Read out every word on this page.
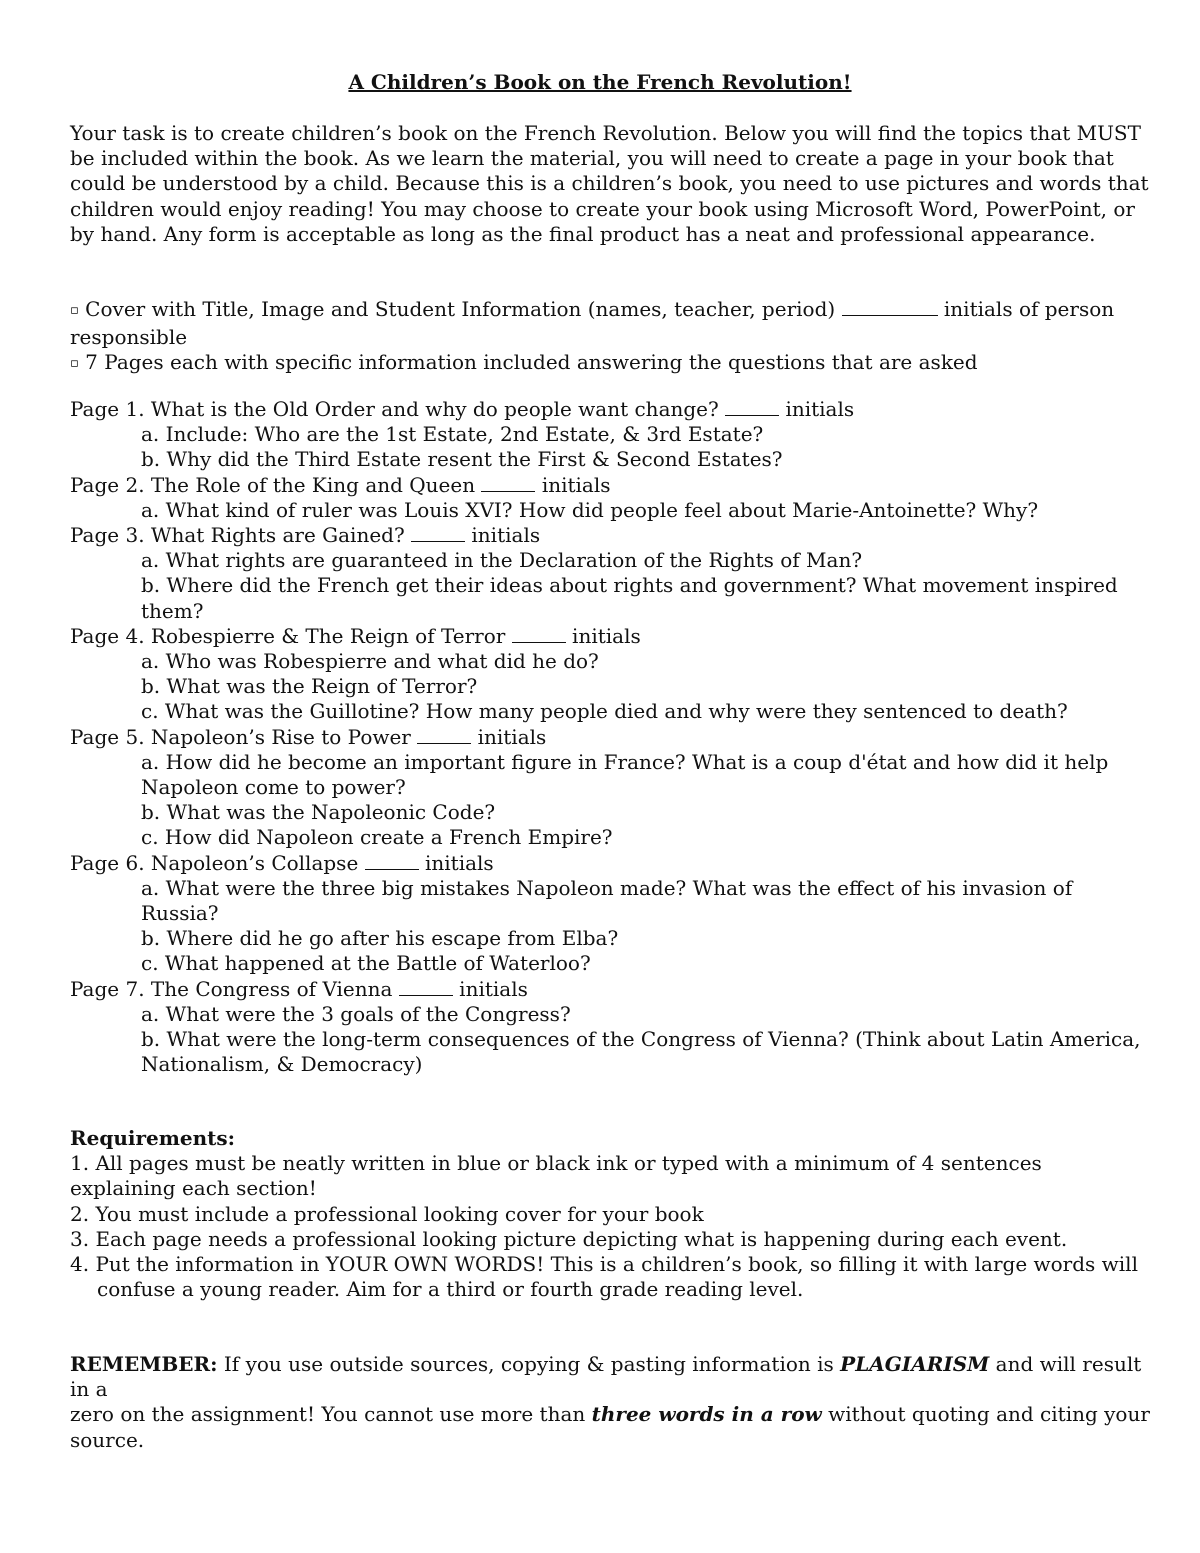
A Children’s Book on the French Revolution!

Your task is to create children’s book on the French Revolution. Below you will find the topics that MUST be included within the book. As we learn the material, you will need to create a page in your book that could be understood by a child. Because this is a children’s book, you need to use pictures and words that children would enjoy reading! You may choose to create your book using Microsoft Word, PowerPoint, or by hand. Any form is acceptable as long as the final product has a neat and professional appearance.

▫ Cover with Title, Image and Student Information (names, teacher, period)	initials of person responsible

▫ 7 Pages each with specific information included answering the questions that are asked

Page 1. What is the Old Order and why do people want change?	initials

a. Include: Who are the 1st Estate, 2nd Estate, & 3rd Estate?

b. Why did the Third Estate resent the First & Second Estates?

Page 2. The Role of the King and Queen	initials

a. What kind of ruler was Louis XVI? How did people feel about Marie-Antoinette? Why?

Page 3. What Rights are Gained?	initials

a. What rights are guaranteed in the Declaration of the Rights of Man?

b. Where did the French get their ideas about rights and government? What movement inspired them?

Page 4. Robespierre & The Reign of Terror	initials

a. Who was Robespierre and what did he do?

b. What was the Reign of Terror?

c. What was the Guillotine? How many people died and why were they sentenced to death?

Page 5. Napoleon’s Rise to Power	initials

a. How did he become an important figure in France? What is a coup d'état and how did it help Napoleon come to power?

b. What was the Napoleonic Code?

c. How did Napoleon create a French Empire?

Page 6. Napoleon’s Collapse	initials

a. What were the three big mistakes Napoleon made? What was the effect of his invasion of Russia?

b. Where did he go after his escape from Elba?

c. What happened at the Battle of Waterloo?

Page 7. The Congress of Vienna	initials

a. What were the 3 goals of the Congress?

b. What were the long-term consequences of the Congress of Vienna? (Think about Latin America, Nationalism, & Democracy)

Requirements:

1. All pages must be neatly written in blue or black ink or typed with a minimum of 4 sentences explaining each section!

2. You must include a professional looking cover for your book

3. Each page needs a professional looking picture depicting what is happening during each event.

4. Put the information in YOUR OWN WORDS! This is a children’s book, so filling it with large words will confuse a young reader. Aim for a third or fourth grade reading level.

REMEMBER: If you use outside sources, copying & pasting information is PLAGIARISM and will result in a

zero on the assignment! You cannot use more than three words in a row without quoting and citing your source.
